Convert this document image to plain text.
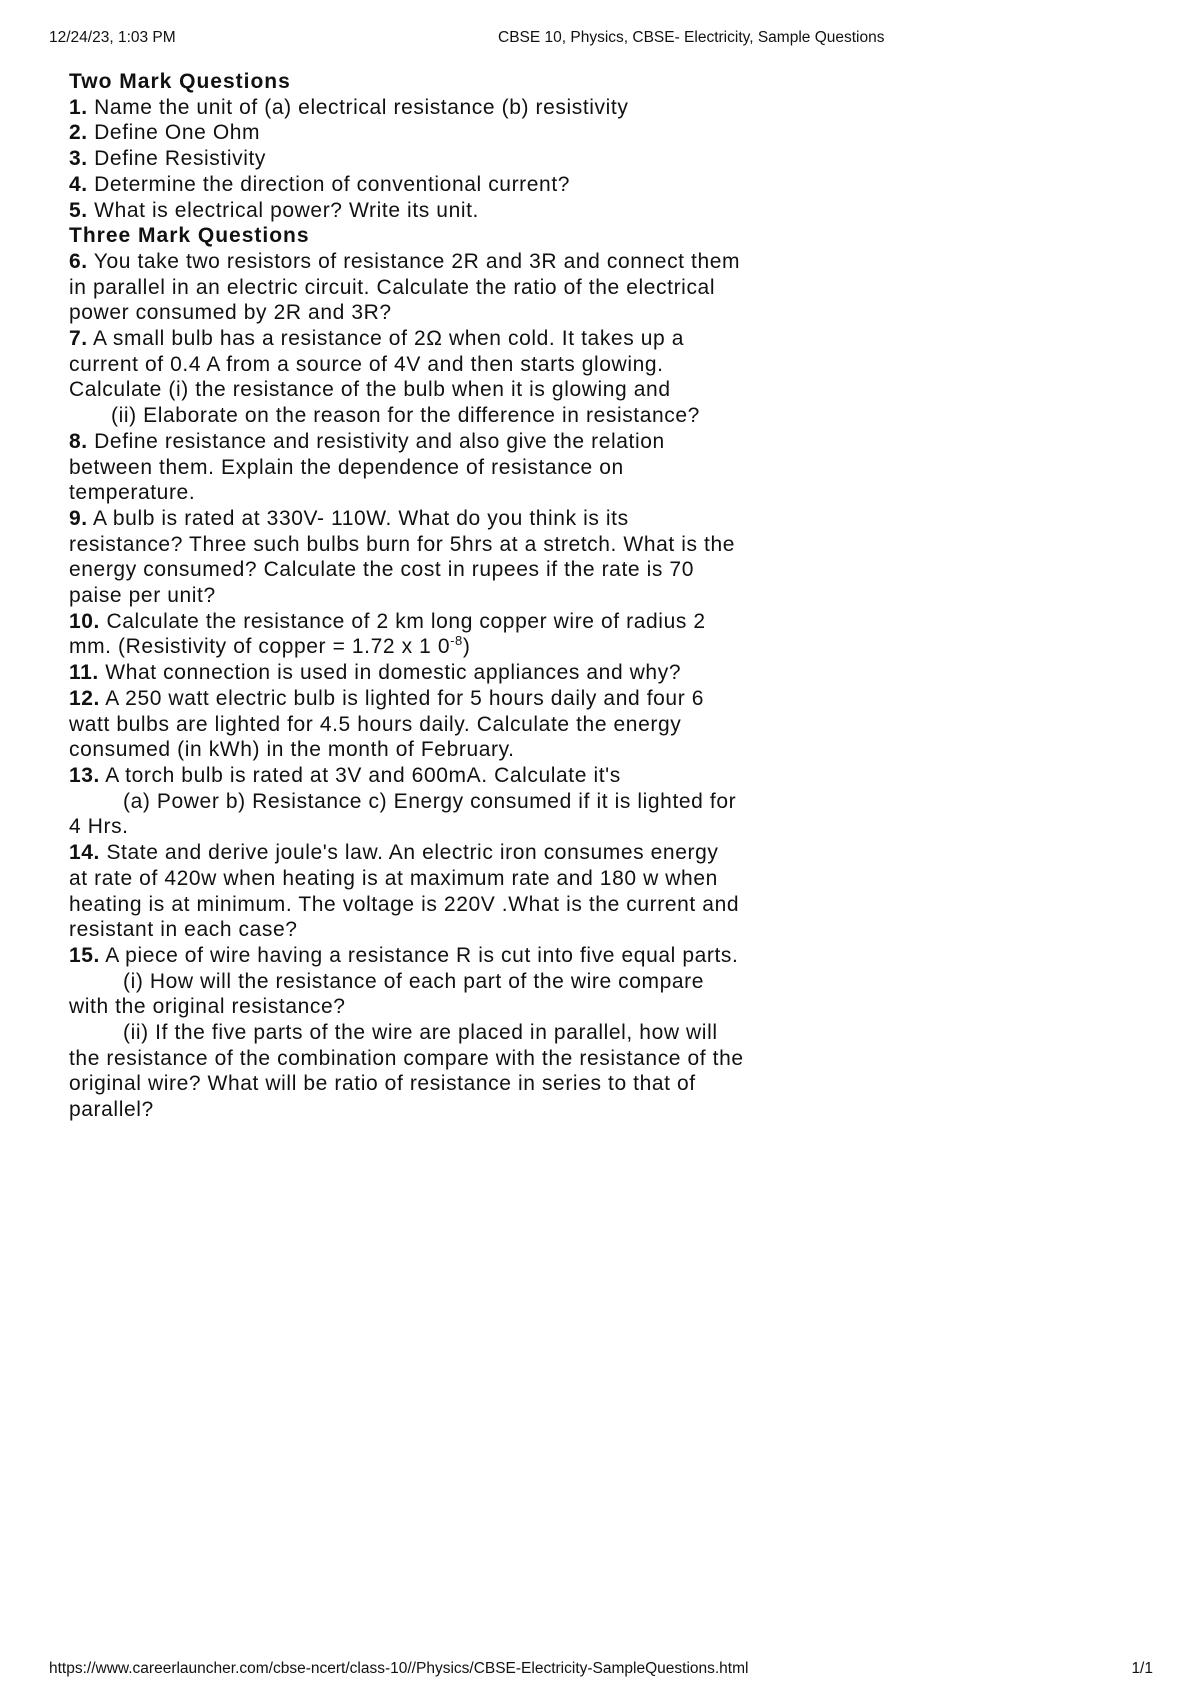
12/24/23, 1:03 PM	CBSE 10, Physics, CBSE- Electricity, Sample Questions
Two Mark Questions
1. Name the unit of (a) electrical resistance (b) resistivity
2. Define One Ohm
3. Define Resistivity
4. Determine the direction of conventional current?
5. What is electrical power? Write its unit.
Three Mark Questions
6. You take two resistors of resistance 2R and 3R and connect them
in parallel in an electric circuit. Calculate the ratio of the electrical
power consumed by 2R and 3R?
7. A small bulb has a resistance of 2Ω when cold. It takes up a
current of 0.4 A from a source of 4V and then starts glowing.
Calculate (i) the resistance of the bulb when it is glowing and
(ii) Elaborate on the reason for the difference in resistance?
8. Define resistance and resistivity and also give the relation
between them. Explain the dependence of resistance on
temperature.
9. A bulb is rated at 330V- 110W. What do you think is its
resistance? Three such bulbs burn for 5hrs at a stretch. What is the
energy consumed? Calculate the cost in rupees if the rate is 70
paise per unit?
10. Calculate the resistance of 2 km long copper wire of radius 2
mm. (Resistivity of copper = 1.72 x 1 $0^{-8}$)
11. What connection is used in domestic appliances and why?
12. A 250 watt electric bulb is lighted for 5 hours daily and four 6
watt bulbs are lighted for 4.5 hours daily. Calculate the energy
consumed (in kWh) in the month of February.
13. A torch bulb is rated at 3V and 600mA. Calculate it's
(a) Power b) Resistance c) Energy consumed if it is lighted for
4 Hrs.
14. State and derive joule's law. An electric iron consumes energy
at rate of 420w when heating is at maximum rate and 180 w when
heating is at minimum. The voltage is 220V .What is the current and
resistant in each case?
15. A piece of wire having a resistance R is cut into five equal parts.
(i) How will the resistance of each part of the wire compare
with the original resistance?
(ii) If the five parts of the wire are placed in parallel, how will
the resistance of the combination compare with the resistance of the
original wire? What will be ratio of resistance in series to that of
parallel?
https://www.careerlauncher.com/cbse-ncert/class-10//Physics/CBSE-Electricity-SampleQuestions.html	1/1
